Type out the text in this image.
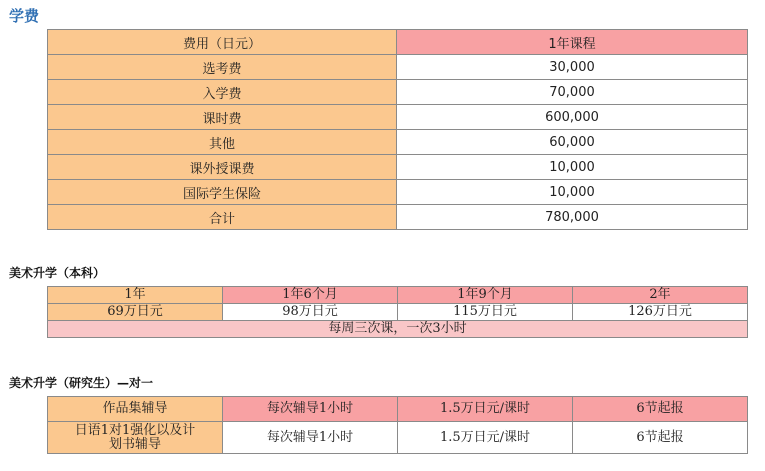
学费
费用（日元）	1年课程
选考费	30,000
入学费	70,000
课时费	600,000
其他	60,000
课外授课费	10,000
国际学生保险	10,000
合计	780,000
美术升学（本科）
1年	1年6个月	1年9个月	2年
69万日元	98万日元	115万日元	126万日元
每周三次课，一次3小时			
美术升学（研究生）—对一
作品集辅导	每次辅导1小时	1.5万日元/课时	6节起报

日语1对1强化以及计划书辅导	每次辅导1小时	1.5万日元/课时	6节起报
